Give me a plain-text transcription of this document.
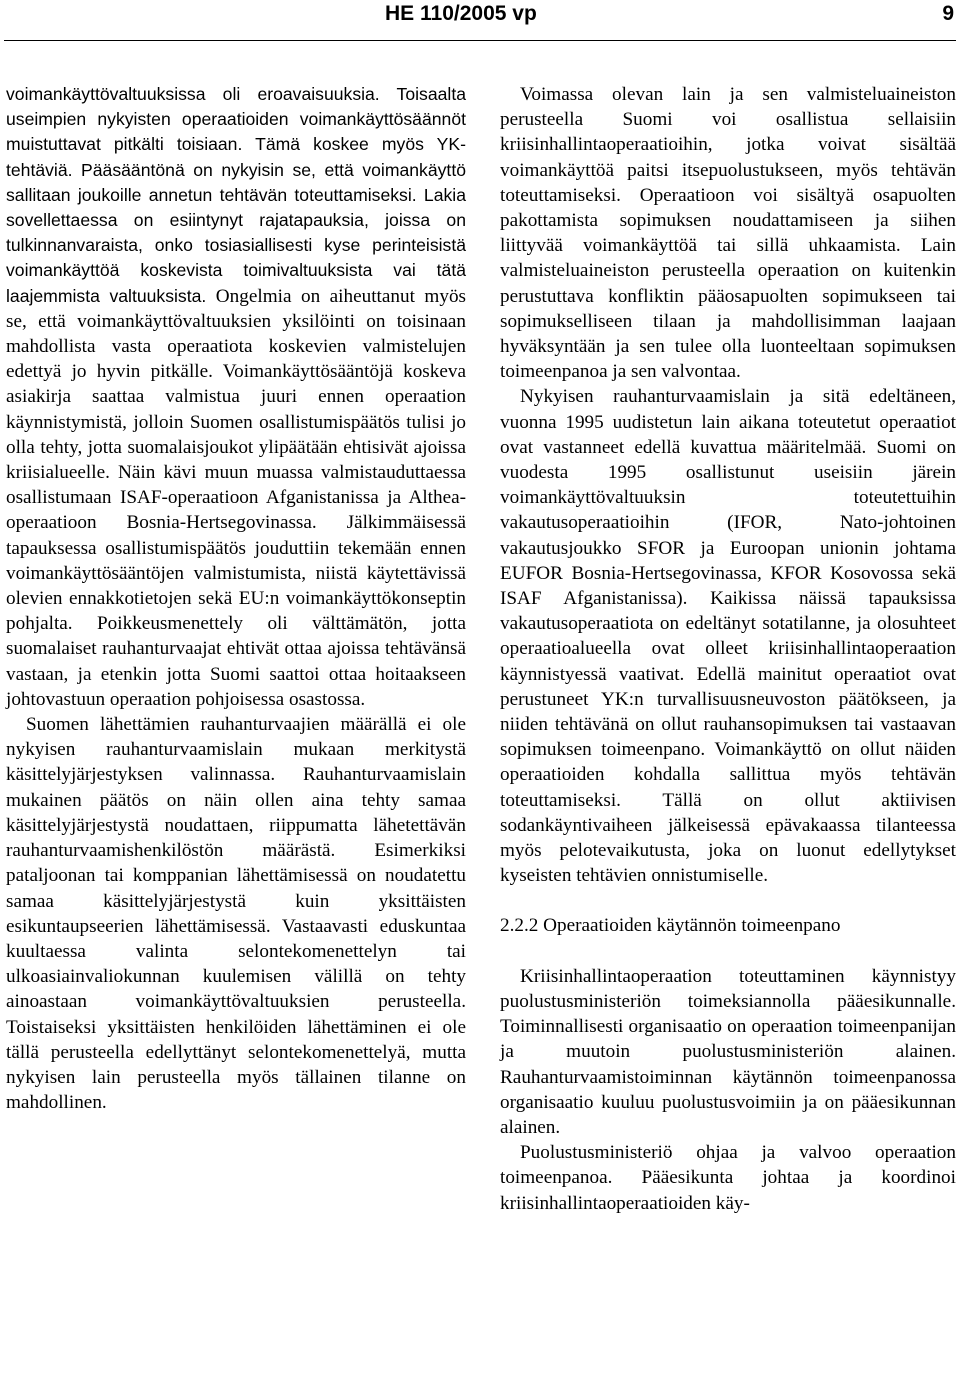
HE 110/2005 vp	9

voimankäyttövaltuuksissa oli eroavaisuuksia. Toisaalta useimpien nykyisten operaatioiden voimankäyttösäännöt muistuttavat pitkälti toisiaan. Tämä koskee myös YK-tehtäviä. Pääsääntönä on nykyisin se, että voimankäyttö sallitaan joukoille annetun tehtävän toteuttamiseksi. Lakia sovellettaessa on esiintynyt rajatapauksia, joissa on tulkinnanvaraista, onko tosiasiallisesti kyse perinteisistä voimankäyttöä koskevista toimivaltuuksista vai tätä laajemmista valtuuksista. Ongelmia on aiheuttanut myös se, että voimankäyttövaltuuksien yksilöinti on toisinaan mahdollista vasta operaatiota koskevien valmistelujen edettyä jo hyvin pitkälle. Voimankäyttösääntöjä koskeva asiakirja saattaa valmistua juuri ennen operaation käynnistymistä, jolloin Suomen osallistumispäätös tulisi jo olla tehty, jotta suomalaisjoukot ylipäätään ehtisivät ajoissa kriisialueelle. Näin kävi muun muassa valmistauduttaessa osallistumaan ISAF-operaatioon Afganistanissa ja Althea-operaatioon Bosnia-Hertsegovinassa. Jälkimmäisessä tapauksessa osallistumispäätös jouduttiin tekemään ennen voimankäyttösääntöjen valmistumista, niistä käytettävissä olevien ennakkotietojen sekä EU:n voimankäyttökonseptin pohjalta. Poikkeusmenettely oli välttämätön, jotta suomalaiset rauhanturvaajat ehtivät ottaa ajoissa tehtävänsä vastaan, ja etenkin jotta Suomi saattoi ottaa hoitaakseen johtovastuun operaation pohjoisessa osastossa.

Suomen lähettämien rauhanturvaajien määrällä ei ole nykyisen rauhanturvaamislain mukaan merkitystä käsittelyjärjestyksen valinnassa. Rauhanturvaamislain mukainen päätös on näin ollen aina tehty samaa käsittelyjärjestystä noudattaen, riippumatta lähetettävän rauhanturvaamishenkilöstön määrästä. Esimerkiksi pataljoonan tai komppanian lähettämisessä on noudatettu samaa käsittelyjärjestystä kuin yksittäisten esikuntaupseerien lähettämisessä. Vastaavasti eduskuntaa kuultaessa valinta selontekomenettelyn tai ulkoasiainvaliokunnan kuulemisen välillä on tehty ainoastaan voimankäyttövaltuuksien perusteella. Toistaiseksi yksittäisten henkilöiden lähettäminen ei ole tällä perusteella edellyttänyt selontekomenettelyä, mutta nykyisen lain perusteella myös tällainen tilanne on mahdollinen.

Voimassa olevan lain ja sen valmisteluaineiston perusteella Suomi voi osallistua sellaisiin kriisinhallintaoperaatioihin, jotka voivat sisältää voimankäyttöä paitsi itsepuolustukseen, myös tehtävän toteuttamiseksi. Operaatioon voi sisältyä osapuolten pakottamista sopimuksen noudattamiseen ja siihen liittyvää voimankäyttöä tai sillä uhkaamista. Lain valmisteluaineiston perusteella operaation on kuitenkin perustuttava konfliktin pääosapuolten sopimukseen tai sopimukselliseen tilaan ja mahdollisimman laajaan hyväksyntään ja sen tulee olla luonteeltaan sopimuksen toimeenpanoa ja sen valvontaa.

Nykyisen rauhanturvaamislain ja sitä edeltäneen, vuonna 1995 uudistetun lain aikana toteutetut operaatiot ovat vastanneet edellä kuvattua määritelmää. Suomi on vuodesta 1995 osallistunut useisiin järein voimankäyttövaltuuksin toteutettuihin vakautusoperaatioihin (IFOR, Nato-johtoinen vakautusjoukko SFOR ja Euroopan unionin johtama EUFOR Bosnia-Hertsegovinassa, KFOR Kosovossa sekä ISAF Afganistanissa). Kaikissa näissä tapauksissa vakautusoperaatiota on edeltänyt sotatilanne, ja olosuhteet operaatioalueella ovat olleet kriisinhallintaoperaation käynnistyessä vaativat. Edellä mainitut operaatiot ovat perustuneet YK:n turvallisuusneuvoston päätökseen, ja niiden tehtävänä on ollut rauhansopimuksen tai vastaavan sopimuksen toimeenpano. Voimankäyttö on ollut näiden operaatioiden kohdalla sallittua myös tehtävän toteuttamiseksi. Tällä on ollut aktiivisen sodankäyntivaiheen jälkeisessä epävakaassa tilanteessa myös pelotevaikutusta, joka on luonut edellytykset kyseisten tehtävien onnistumiselle.

2.2.2 Operaatioiden käytännön toimeenpano

Kriisinhallintaoperaation toteuttaminen käynnistyy puolustusministeriön toimeksiannolla pääesikunnalle. Toiminnallisesti organisaatio on operaation toimeenpanijan ja muutoin puolustusministeriön alainen. Rauhanturvaamistoiminnan käytännön toimeenpanossa organisaatio kuuluu puolustusvoimiin ja on pääesikunnan alainen.

Puolustusministeriö ohjaa ja valvoo operaation toimeenpanoa. Pääesikunta johtaa ja koordinoi kriisinhallintaoperaatioiden käy-
